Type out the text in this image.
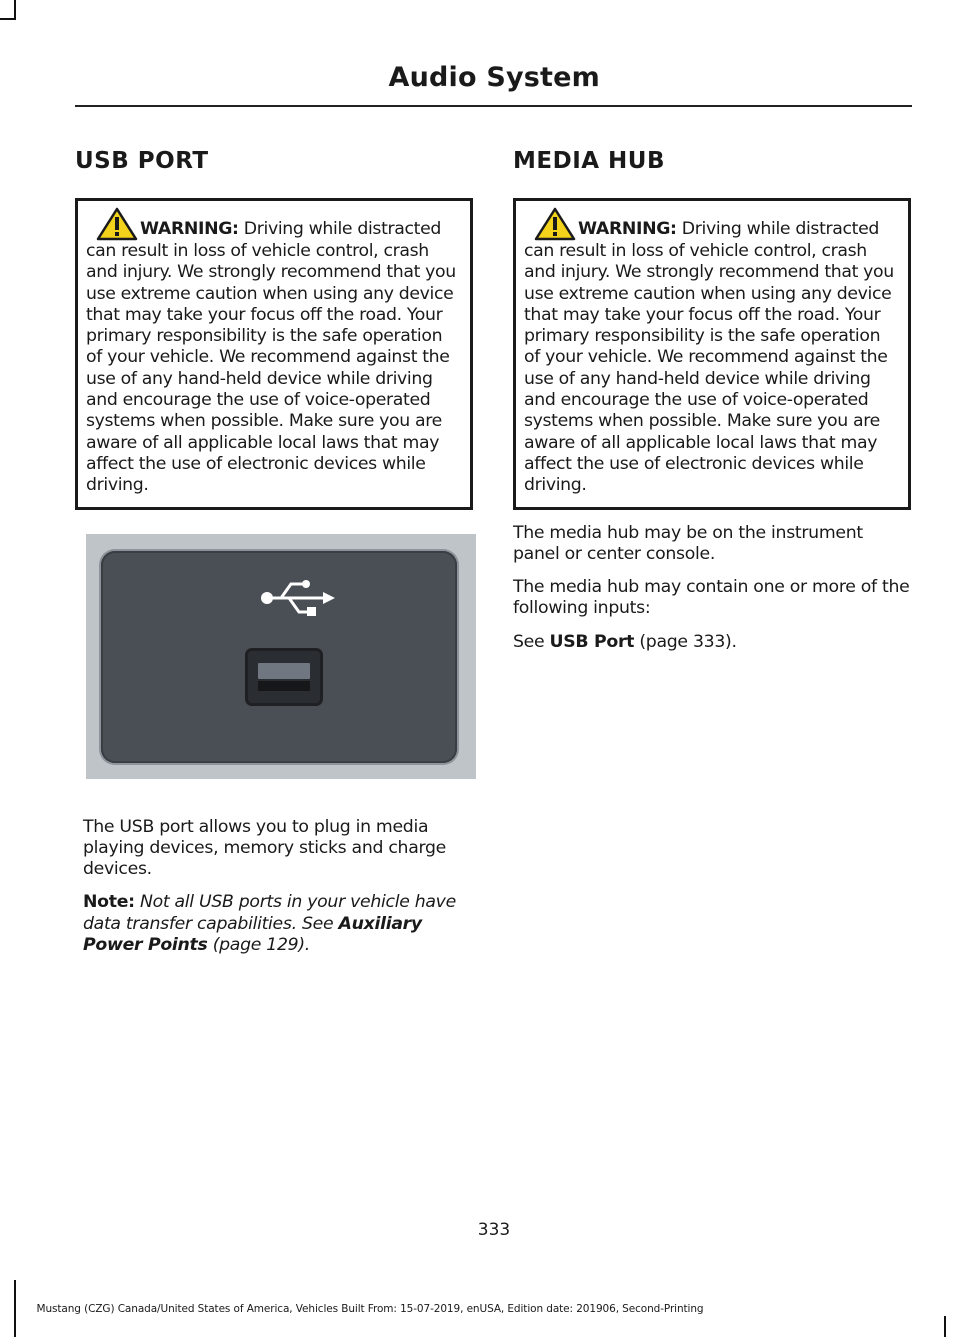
Audio System
USB PORT
WARNING: Driving while distracted can result in loss of vehicle control, crash and injury. We strongly recommend that you use extreme caution when using any device that may take your focus off the road. Your primary responsibility is the safe operation of your vehicle. We recommend against the use of any hand-held device while driving and encourage the use of voice-operated systems when possible. Make sure you are aware of all applicable local laws that may affect the use of electronic devices while driving.

The USB port allows you to plug in media playing devices, memory sticks and charge devices.

Note: Not all USB ports in your vehicle have data transfer capabilities. See Auxiliary Power Points (page 129).

MEDIA HUB
WARNING: Driving while distracted can result in loss of vehicle control, crash and injury. We strongly recommend that you use extreme caution when using any device that may take your focus off the road. Your primary responsibility is the safe operation of your vehicle. We recommend against the use of any hand-held device while driving and encourage the use of voice-operated systems when possible. Make sure you are aware of all applicable local laws that may affect the use of electronic devices while driving.

The media hub may be on the instrument panel or center console.

The media hub may contain one or more of the following inputs:

See USB Port (page 333).

333
Mustang (CZG) Canada/United States of America, Vehicles Built From: 15-07-2019, enUSA, Edition date: 201906, Second-Printing
